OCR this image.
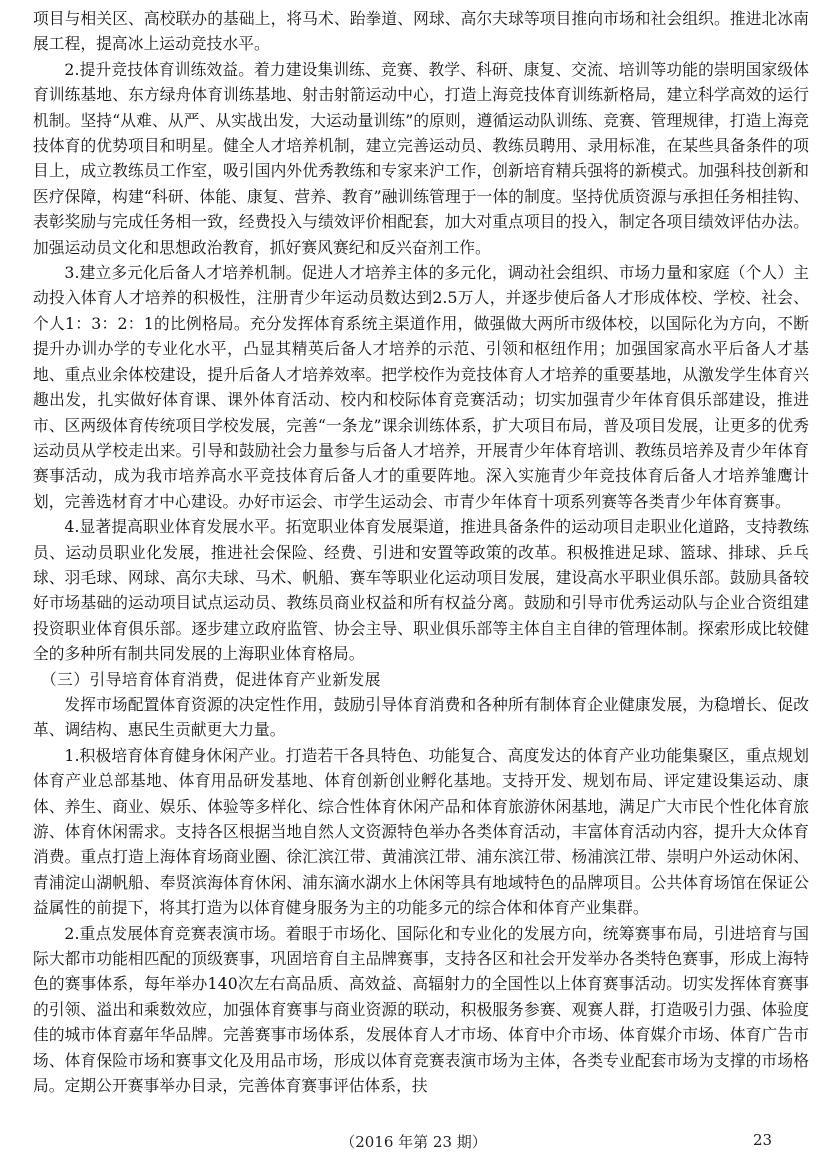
项目与相关区、高校联办的基础上，将马术、跆拳道、网球、高尔夫球等项目推向市场和社会组织。推进北冰南展工程，提高冰上运动竞技水平。

2.提升竞技体育训练效益。着力建设集训练、竞赛、教学、科研、康复、交流、培训等功能的崇明国家级体育训练基地、东方绿舟体育训练基地、射击射箭运动中心，打造上海竞技体育训练新格局，建立科学高效的运行机制。坚持“从难、从严、从实战出发，大运动量训练”的原则，遵循运动队训练、竞赛、管理规律，打造上海竞技体育的优势项目和明星。健全人才培养机制，建立完善运动员、教练员聘用、录用标准，在某些具备条件的项目上，成立教练员工作室，吸引国内外优秀教练和专家来沪工作，创新培育精兵强将的新模式。加强科技创新和医疗保障，构建“科研、体能、康复、营养、教育”融训练管理于一体的制度。坚持优质资源与承担任务相挂钩、表彰奖励与完成任务相一致，经费投入与绩效评价相配套，加大对重点项目的投入，制定各项目绩效评估办法。加强运动员文化和思想政治教育，抓好赛风赛纪和反兴奋剂工作。

3.建立多元化后备人才培养机制。促进人才培养主体的多元化，调动社会组织、市场力量和家庭（个人）主动投入体育人才培养的积极性，注册青少年运动员数达到2.5万人，并逐步使后备人才形成体校、学校、社会、个人1：3：2：1的比例格局。充分发挥体育系统主渠道作用，做强做大两所市级体校，以国际化为方向，不断提升办训办学的专业化水平，凸显其精英后备人才培养的示范、引领和枢纽作用；加强国家高水平后备人才基地、重点业余体校建设，提升后备人才培养效率。把学校作为竞技体育人才培养的重要基地，从激发学生体育兴趣出发，扎实做好体育课、课外体育活动、校内和校际体育竞赛活动；切实加强青少年体育俱乐部建设，推进市、区两级体育传统项目学校发展，完善“一条龙”课余训练体系，扩大项目布局，普及项目发展，让更多的优秀运动员从学校走出来。引导和鼓励社会力量参与后备人才培养，开展青少年体育培训、教练员培养及青少年体育赛事活动，成为我市培养高水平竞技体育后备人才的重要阵地。深入实施青少年竞技体育后备人才培养雏鹰计划，完善选材育才中心建设。办好市运会、市学生运动会、市青少年体育十项系列赛等各类青少年体育赛事。

4.显著提高职业体育发展水平。拓宽职业体育发展渠道，推进具备条件的运动项目走职业化道路，支持教练员、运动员职业化发展，推进社会保险、经费、引进和安置等政策的改革。积极推进足球、篮球、排球、乒乓球、羽毛球、网球、高尔夫球、马术、帆船、赛车等职业化运动项目发展，建设高水平职业俱乐部。鼓励具备较好市场基础的运动项目试点运动员、教练员商业权益和所有权益分离。鼓励和引导市优秀运动队与企业合资组建投资职业体育俱乐部。逐步建立政府监管、协会主导、职业俱乐部等主体自主自律的管理体制。探索形成比较健全的多种所有制共同发展的上海职业体育格局。

（三）引导培育体育消费，促进体育产业新发展

发挥市场配置体育资源的决定性作用，鼓励引导体育消费和各种所有制体育企业健康发展，为稳增长、促改革、调结构、惠民生贡献更大力量。

1.积极培育体育健身休闲产业。打造若干各具特色、功能复合、高度发达的体育产业功能集聚区，重点规划体育产业总部基地、体育用品研发基地、体育创新创业孵化基地。支持开发、规划布局、评定建设集运动、康体、养生、商业、娱乐、体验等多样化、综合性体育休闲产品和体育旅游休闲基地，满足广大市民个性化体育旅游、体育休闲需求。支持各区根据当地自然人文资源特色举办各类体育活动，丰富体育活动内容，提升大众体育消费。重点打造上海体育场商业圈、徐汇滨江带、黄浦滨江带、浦东滨江带、杨浦滨江带、崇明户外运动休闲、青浦淀山湖帆船、奉贤滨海体育休闲、浦东滴水湖水上休闲等具有地域特色的品牌项目。公共体育场馆在保证公益属性的前提下，将其打造为以体育健身服务为主的功能多元的综合体和体育产业集群。

2.重点发展体育竞赛表演市场。着眼于市场化、国际化和专业化的发展方向，统筹赛事布局，引进培育与国际大都市功能相匹配的顶级赛事，巩固培育自主品牌赛事，支持各区和社会开发举办各类特色赛事，形成上海特色的赛事体系，每年举办140次左右高品质、高效益、高辐射力的全国性以上体育赛事活动。切实发挥体育赛事的引领、溢出和乘数效应，加强体育赛事与商业资源的联动，积极服务参赛、观赛人群，打造吸引力强、体验度佳的城市体育嘉年华品牌。完善赛事市场体系，发展体育人才市场、体育中介市场、体育媒介市场、体育广告市场、体育保险市场和赛事文化及用品市场，形成以体育竞赛表演市场为主体，各类专业配套市场为支撑的市场格局。定期公开赛事举办目录，完善体育赛事评估体系，扶

（2016 年第 23 期）	23
